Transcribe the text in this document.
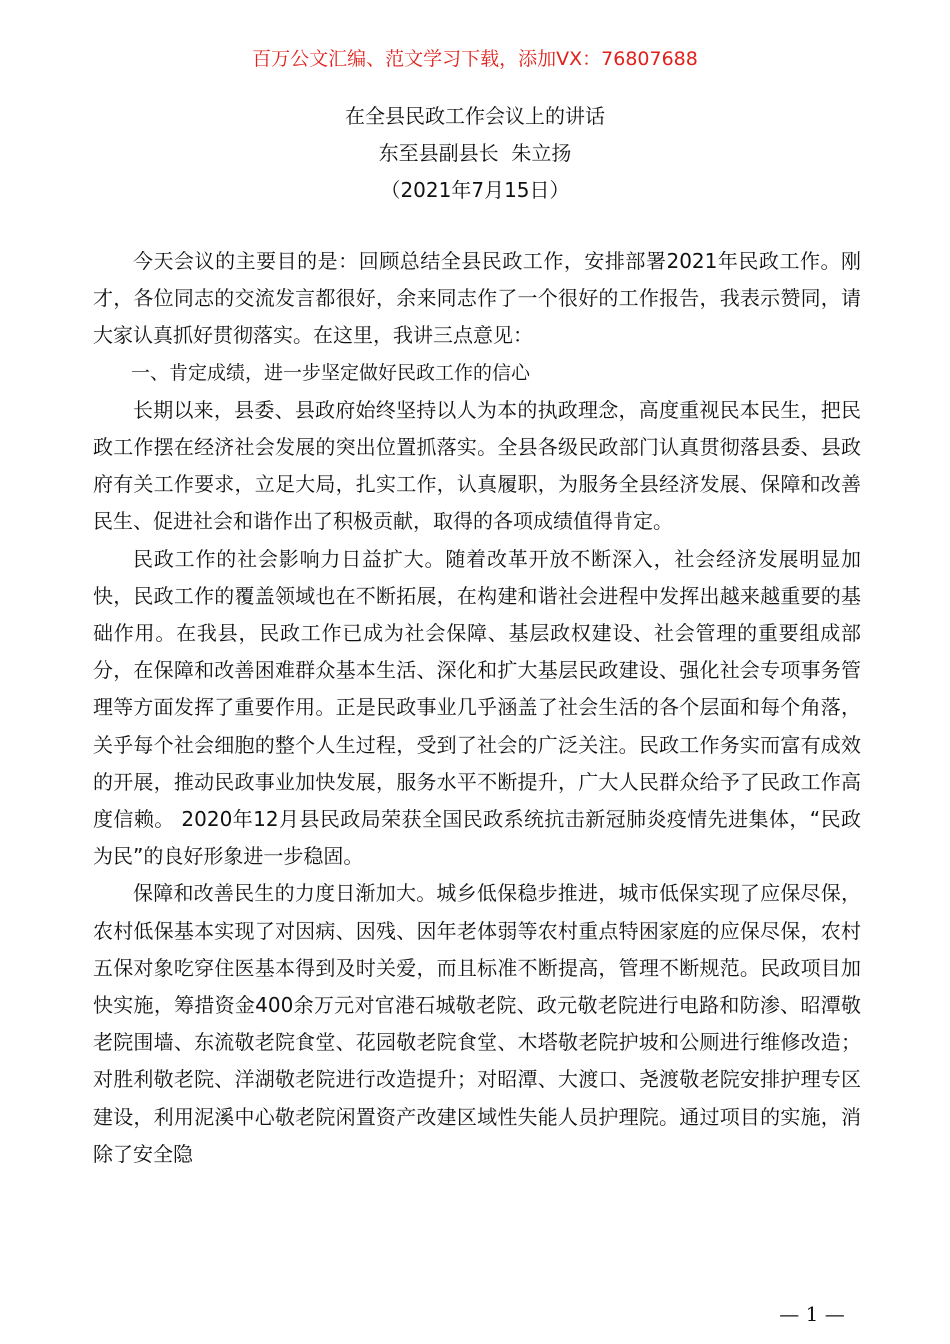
百万公文汇编、范文学习下载，添加VX：76807688
在全县民政工作会议上的讲话
东至县副县长  朱立扬
（2021年7月15日）

今天会议的主要目的是：回顾总结全县民政工作，安排部署2021年民政工作。刚才，各位同志的交流发言都很好，余来同志作了一个很好的工作报告，我表示赞同，请大家认真抓好贯彻落实。在这里，我讲三点意见：

一、肯定成绩，进一步坚定做好民政工作的信心

长期以来，县委、县政府始终坚持以人为本的执政理念，高度重视民本民生，把民政工作摆在经济社会发展的突出位置抓落实。全县各级民政部门认真贯彻落县委、县政府有关工作要求，立足大局，扎实工作，认真履职，为服务全县经济发展、保障和改善民生、促进社会和谐作出了积极贡献，取得的各项成绩值得肯定。

民政工作的社会影响力日益扩大。随着改革开放不断深入，社会经济发展明显加快，民政工作的覆盖领域也在不断拓展，在构建和谐社会进程中发挥出越来越重要的基础作用。在我县，民政工作已成为社会保障、基层政权建设、社会管理的重要组成部分，在保障和改善困难群众基本生活、深化和扩大基层民政建设、强化社会专项事务管理等方面发挥了重要作用。正是民政事业几乎涵盖了社会生活的各个层面和每个角落，关乎每个社会细胞的整个人生过程，受到了社会的广泛关注。民政工作务实而富有成效的开展，推动民政事业加快发展，服务水平不断提升，广大人民群众给予了民政工作高度信赖。 2020年12月县民政局荣获全国民政系统抗击新冠肺炎疫情先进集体，“民政为民”的良好形象进一步稳固。

保障和改善民生的力度日渐加大。城乡低保稳步推进，城市低保实现了应保尽保，农村低保基本实现了对因病、因残、因年老体弱等农村重点特困家庭的应保尽保，农村五保对象吃穿住医基本得到及时关爱，而且标准不断提高，管理不断规范。民政项目加快实施，筹措资金400余万元对官港石城敬老院、政元敬老院进行电路和防渗、昭潭敬老院围墙、东流敬老院食堂、花园敬老院食堂、木塔敬老院护坡和公厕进行维修改造；对胜利敬老院、洋湖敬老院进行改造提升；对昭潭、大渡口、尧渡敬老院安排护理专区建设，利用泥溪中心敬老院闲置资产改建区域性失能人员护理院。通过项目的实施，消除了安全隐

— 1 —
